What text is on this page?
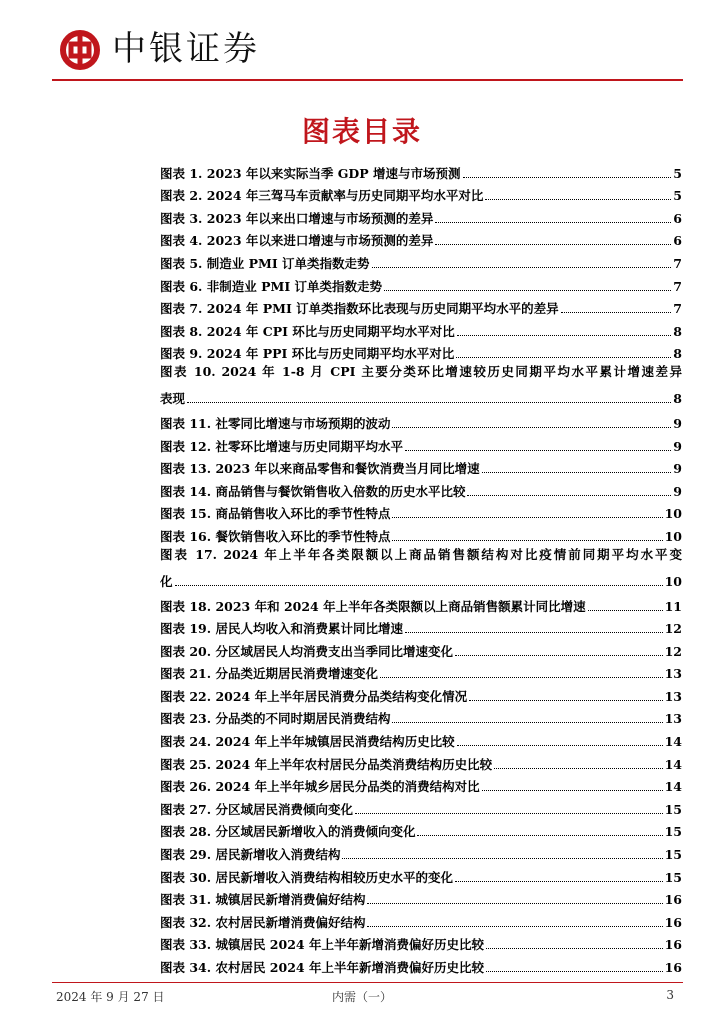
中银证券
图表目录
图表 1. 2023 年以来实际当季 GDP 增速与市场预测	5
图表 2. 2024 年三驾马车贡献率与历史同期平均水平对比	5
图表 3. 2023 年以来出口增速与市场预测的差异	6
图表 4. 2023 年以来进口增速与市场预测的差异	6
图表 5. 制造业 PMI 订单类指数走势	7
图表 6. 非制造业 PMI 订单类指数走势	7
图表 7. 2024 年 PMI 订单类指数环比表现与历史同期平均水平的差异	7
图表 8. 2024 年 CPI 环比与历史同期平均水平对比	8
图表 9. 2024 年 PPI 环比与历史同期平均水平对比	8
图表 10. 2024 年 1-8 月 CPI 主要分类环比增速较历史同期平均水平累计增速差异
表现	8
图表 11. 社零同比增速与市场预期的波动	9
图表 12. 社零环比增速与历史同期平均水平	9
图表 13. 2023 年以来商品零售和餐饮消费当月同比增速	9
图表 14. 商品销售与餐饮销售收入倍数的历史水平比较	9
图表 15. 商品销售收入环比的季节性特点	10
图表 16. 餐饮销售收入环比的季节性特点	10
图表 17. 2024 年上半年各类限额以上商品销售额结构对比疫情前同期平均水平变
化	10
图表 18. 2023 年和 2024 年上半年各类限额以上商品销售额累计同比增速	11
图表 19. 居民人均收入和消费累计同比增速	12
图表 20. 分区域居民人均消费支出当季同比增速变化	12
图表 21. 分品类近期居民消费增速变化	13
图表 22. 2024 年上半年居民消费分品类结构变化情况	13
图表 23. 分品类的不同时期居民消费结构	13
图表 24. 2024 年上半年城镇居民消费结构历史比较	14
图表 25. 2024 年上半年农村居民分品类消费结构历史比较	14
图表 26. 2024 年上半年城乡居民分品类的消费结构对比	14
图表 27. 分区域居民消费倾向变化	15
图表 28. 分区域居民新增收入的消费倾向变化	15
图表 29. 居民新增收入消费结构	15
图表 30. 居民新增收入消费结构相较历史水平的变化	15
图表 31. 城镇居民新增消费偏好结构	16
图表 32. 农村居民新增消费偏好结构	16
图表 33. 城镇居民 2024 年上半年新增消费偏好历史比较	16
图表 34. 农村居民 2024 年上半年新增消费偏好历史比较	16
2024 年 9 月 27 日	内需（一）	3
